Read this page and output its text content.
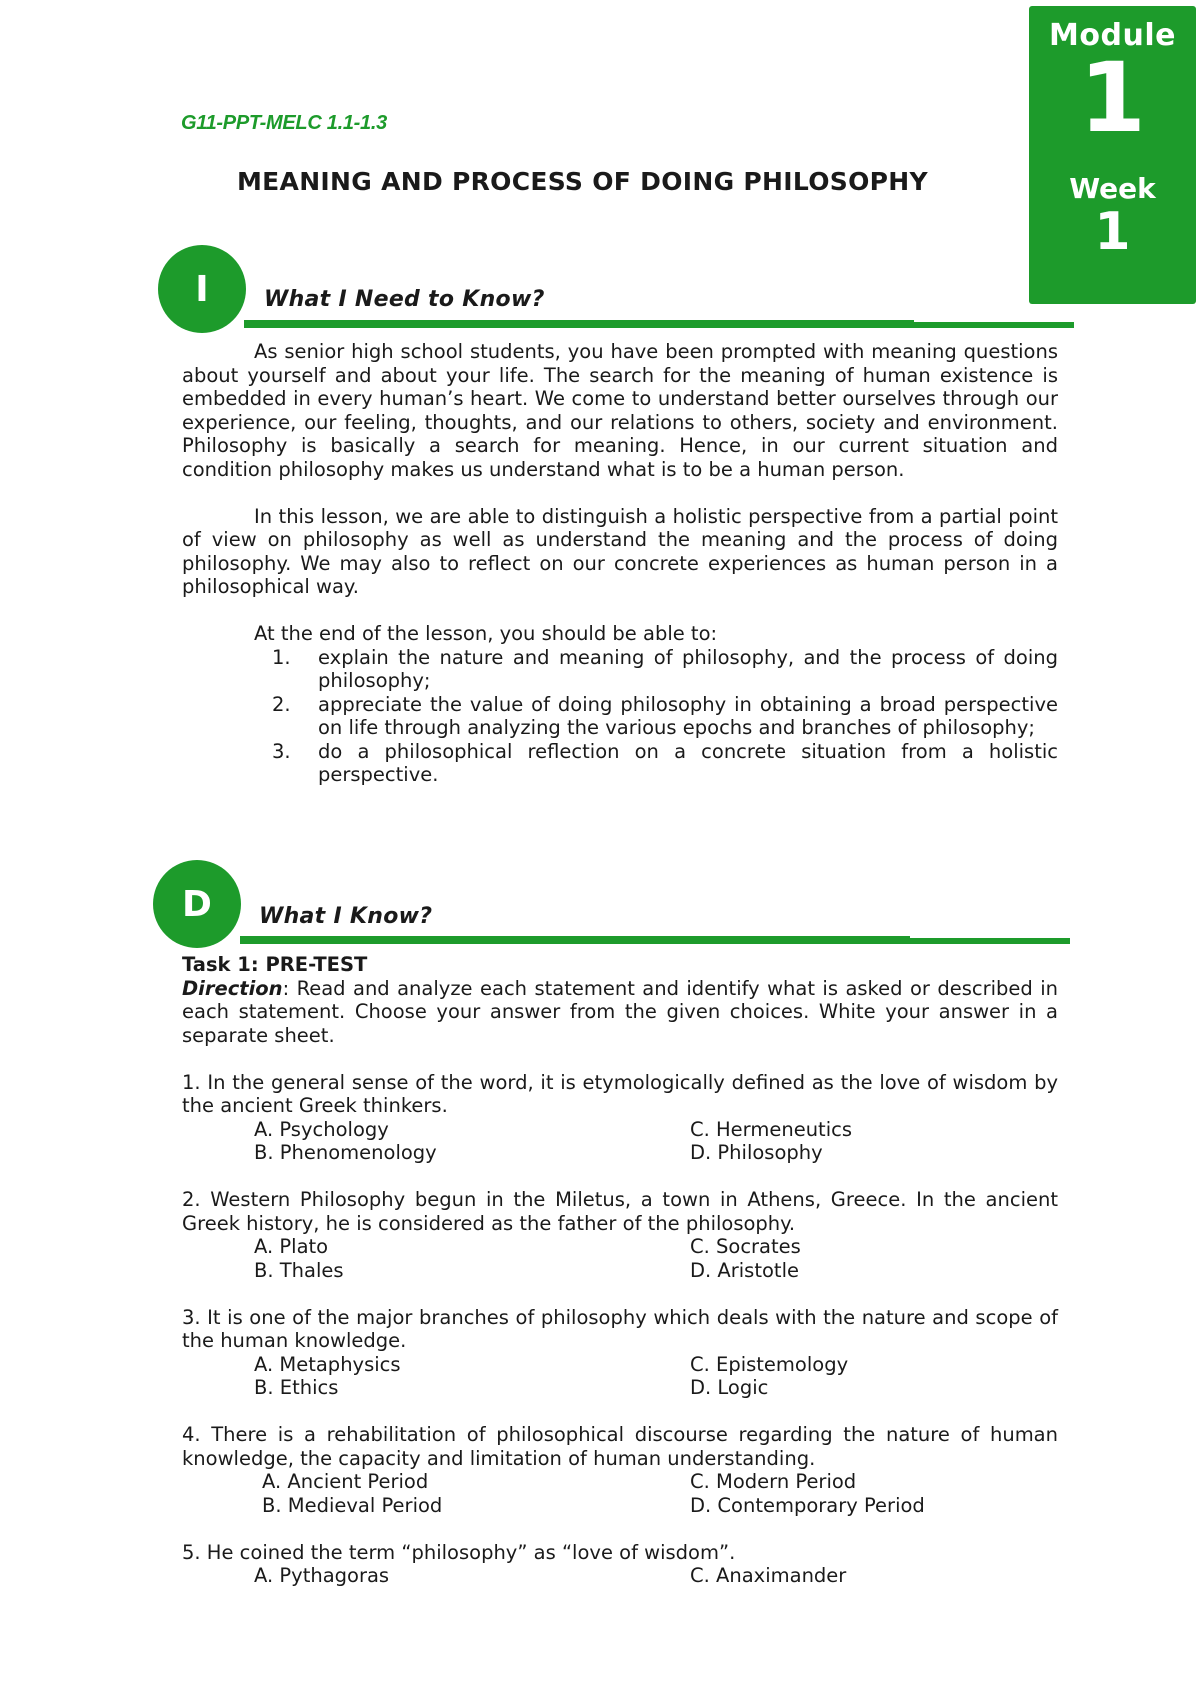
Module
1
Week
1
G11-PPT-MELC 1.1-1.3
MEANING AND PROCESS OF DOING PHILOSOPHY
I	What I Need to Know?

As senior high school students, you have been prompted with meaning questions about yourself and about your life. The search for the meaning of human existence is embedded in every human’s heart. We come to understand better ourselves through our experience, our feeling, thoughts, and our relations to others, society and environment. Philosophy is basically a search for meaning. Hence, in our current situation and condition philosophy makes us understand what is to be a human person.

In this lesson, we are able to distinguish a holistic perspective from a partial point of view on philosophy as well as understand the meaning and the process of doing philosophy. We may also to reflect on our concrete experiences as human person in a philosophical way.

At the end of the lesson, you should be able to:

1. explain the nature and meaning of philosophy, and the process of doing philosophy;
2. appreciate the value of doing philosophy in obtaining a broad perspective on life through analyzing the various epochs and branches of philosophy;
3. do a philosophical reflection on a concrete situation from a holistic perspective.
D What I Know?

Task 1: PRE-TEST

Direction: Read and analyze each statement and identify what is asked or described in each statement. Choose your answer from the given choices. White your answer in a separate sheet.

1. In the general sense of the word, it is etymologically defined as the love of wisdom by the ancient Greek thinkers.

A. Psychology	C. Hermeneutics
B. Phenomenology	D. Philosophy

2. Western Philosophy begun in the Miletus, a town in Athens, Greece. In the ancient Greek history, he is considered as the father of the philosophy.

A. Plato	C. Socrates
B. Thales	D. Aristotle

3. It is one of the major branches of philosophy which deals with the nature and scope of the human knowledge.

A. Metaphysics	C. Epistemology
B. Ethics	D. Logic

4. There is a rehabilitation of philosophical discourse regarding the nature of human knowledge, the capacity and limitation of human understanding.

A. Ancient Period	C. Modern Period
B. Medieval Period	D. Contemporary Period

5. He coined the term “philosophy” as “love of wisdom”.

A. Pythagoras	C. Anaximander
